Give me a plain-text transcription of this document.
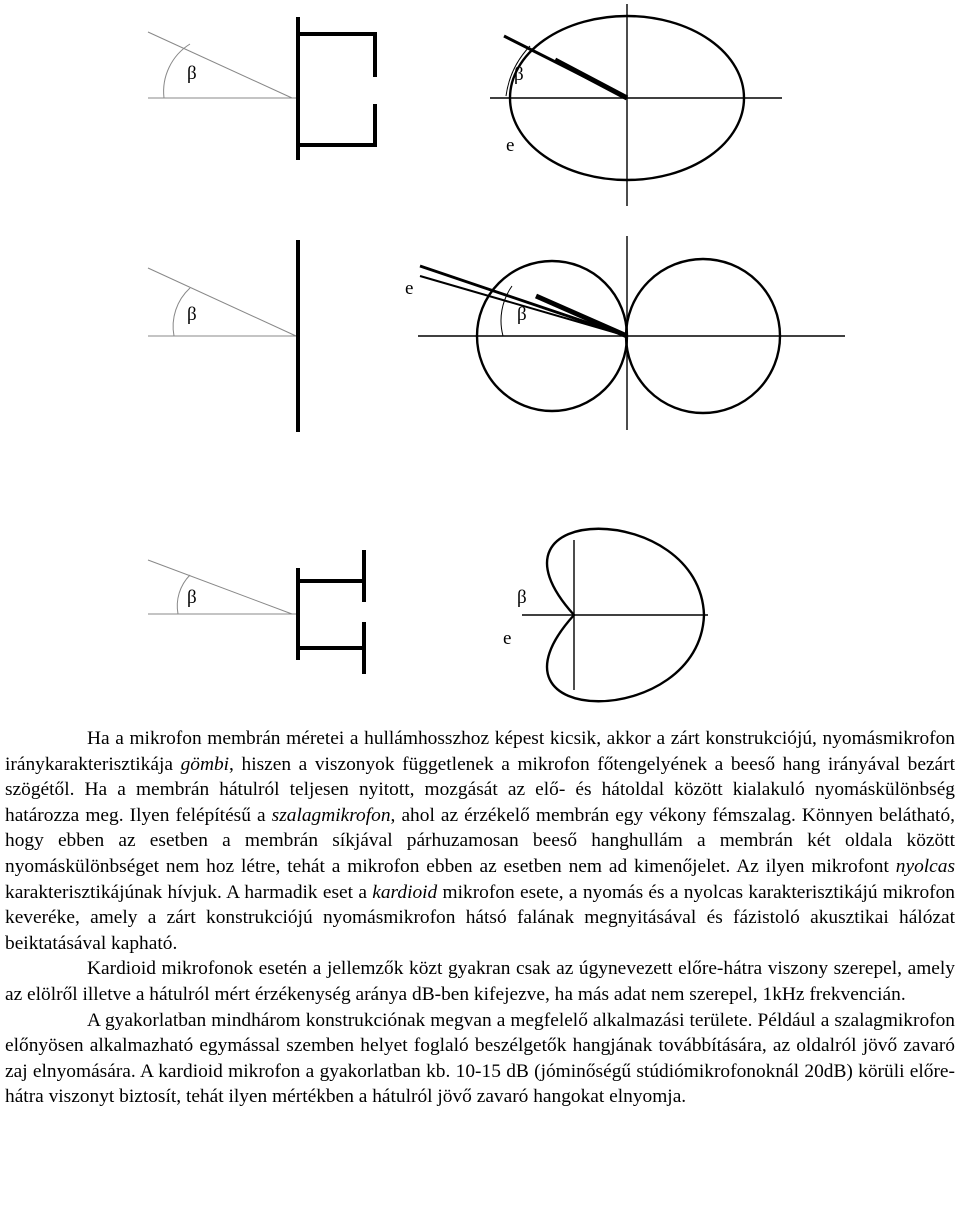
β	β
e
β	β
e
β	β
e

Ha a mikrofon membrán méretei a hullámhosszhoz képest kicsik, akkor a zárt konstrukciójú, nyomásmikrofon iránykarakterisztikája gömbi, hiszen a viszonyok függetlenek a mikrofon főtengelyének a beeső hang irányával bezárt szögétől. Ha a membrán hátulról teljesen nyitott, mozgását az elő- és hátoldal között kialakuló nyomáskülönbség határozza meg. Ilyen felépítésű a szalagmikrofon, ahol az érzékelő membrán egy vékony fémszalag. Könnyen belátható, hogy ebben az esetben a membrán síkjával párhuzamosan beeső hanghullám a membrán két oldala között nyomáskülönbséget nem hoz létre, tehát a mikrofon ebben az esetben nem ad kimenőjelet. Az ilyen mikrofont nyolcas karakterisztikájúnak hívjuk. A harmadik eset a kardioid mikrofon esete, a nyomás és a nyolcas karakterisztikájú mikrofon keveréke, amely a zárt konstrukciójú nyomásmikrofon hátsó falának megnyitásával és fázistoló akusztikai hálózat beiktatásával kapható.

Kardioid mikrofonok esetén a jellemzők közt gyakran csak az úgynevezett előre-hátra viszony szerepel, amely az elölről illetve a hátulról mért érzékenység aránya dB-ben kifejezve, ha más adat nem szerepel, 1kHz frekvencián.

A gyakorlatban mindhárom konstrukciónak megvan a megfelelő alkalmazási területe. Például a szalagmikrofon előnyösen alkalmazható egymással szemben helyet foglaló beszélgetők hangjának továbbítására, az oldalról jövő zavaró zaj elnyomására. A kardioid mikrofon a gyakorlatban kb. 10-15 dB (jóminőségű stúdiómikrofonoknál 20dB) körüli előre-hátra viszonyt biztosít, tehát ilyen mértékben a hátulról jövő zavaró hangokat elnyomja.
